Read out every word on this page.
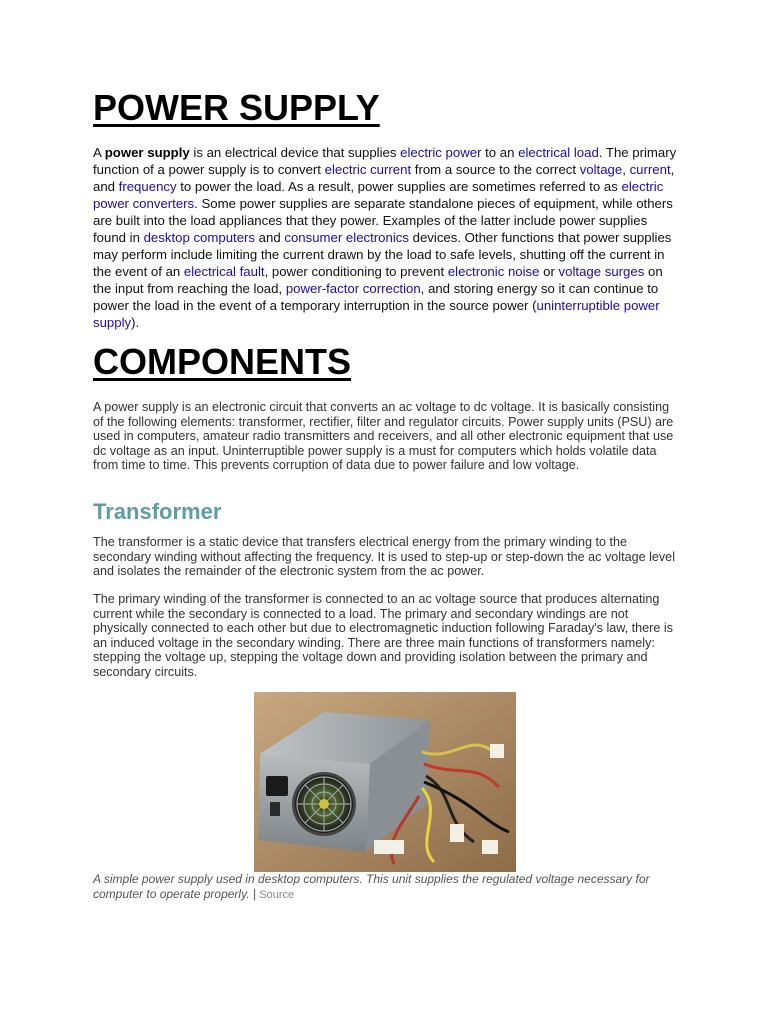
POWER SUPPLY

A power supply is an electrical device that supplies electric power to an electrical load. The primary function of a power supply is to convert electric current from a source to the correct voltage, current, and frequency to power the load. As a result, power supplies are sometimes referred to as electric power converters. Some power supplies are separate standalone pieces of equipment, while others are built into the load appliances that they power. Examples of the latter include power supplies found in desktop computers and consumer electronics devices. Other functions that power supplies may perform include limiting the current drawn by the load to safe levels, shutting off the current in the event of an electrical fault, power conditioning to prevent electronic noise or voltage surges on the input from reaching the load, power-factor correction, and storing energy so it can continue to power the load in the event of a temporary interruption in the source power (uninterruptible power supply).

COMPONENTS

A power supply is an electronic circuit that converts an ac voltage to dc voltage. It is basically consisting of the following elements: transformer, rectifier, filter and regulator circuits. Power supply units (PSU) are used in computers, amateur radio transmitters and receivers, and all other electronic equipment that use dc voltage as an input. Uninterruptible power supply is a must for computers which holds volatile data from time to time. This prevents corruption of data due to power failure and low voltage.

Transformer

The transformer is a static device that transfers electrical energy from the primary winding to the secondary winding without affecting the frequency. It is used to step-up or step-down the ac voltage level and isolates the remainder of the electronic system from the ac power.

The primary winding of the transformer is connected to an ac voltage source that produces alternating current while the secondary is connected to a load. The primary and secondary windings are not physically connected to each other but due to electromagnetic induction following Faraday's law, there is an induced voltage in the secondary winding. There are three main functions of transformers namely: stepping the voltage up, stepping the voltage down and providing isolation between the primary and secondary circuits.

A simple power supply used in desktop computers. This unit supplies the regulated voltage necessary for computer to operate properly. | Source
